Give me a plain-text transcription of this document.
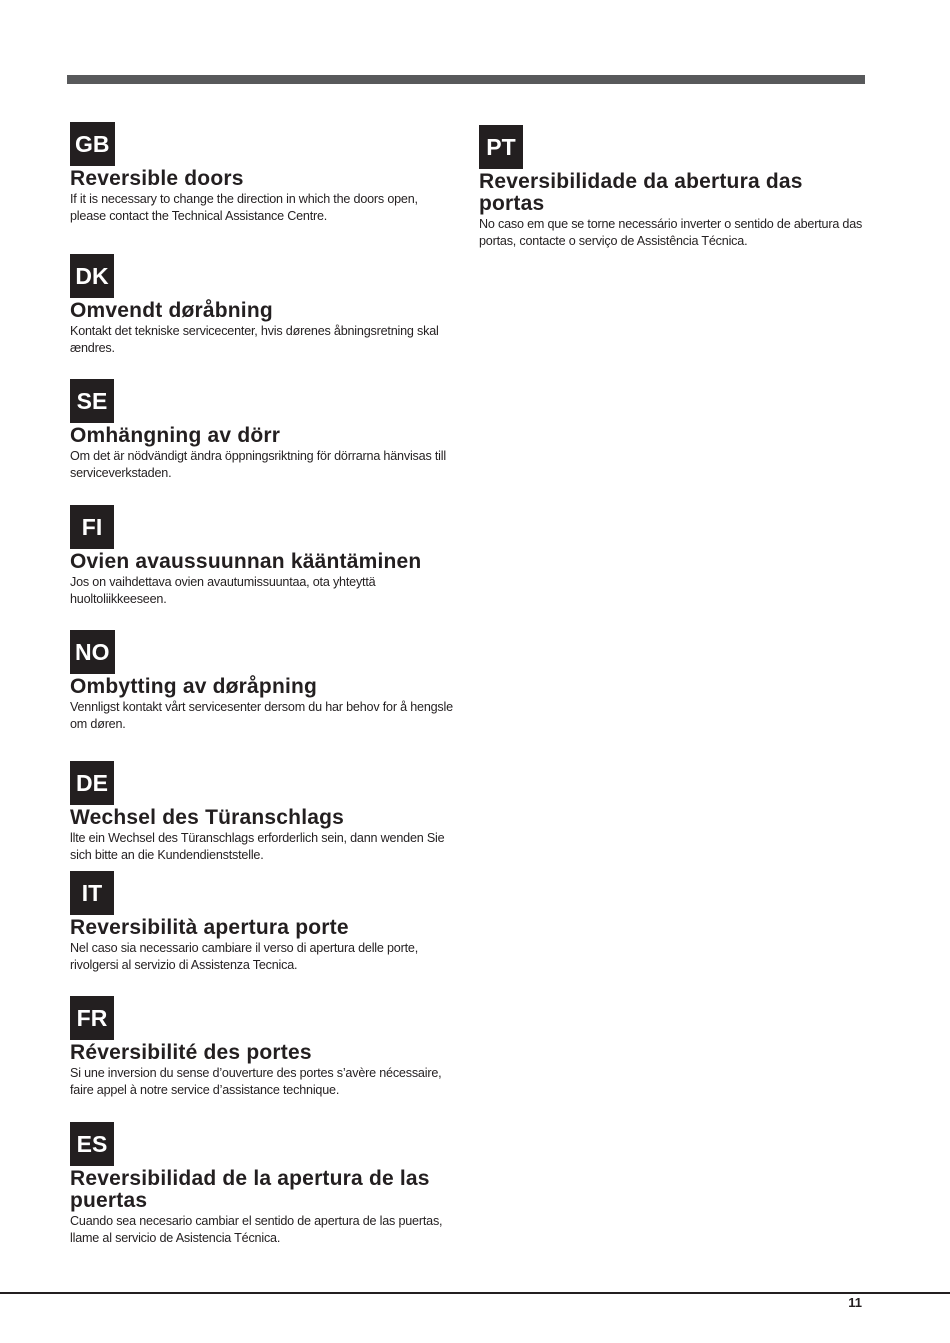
GB
Reversible doors
If it is necessary to change the direction in which the doors open, please contact the Technical Assistance Centre.
DK
Omvendt døråbning
Kontakt det tekniske servicecenter, hvis dørenes åbningsretning skal ændres.
SE
Omhängning av dörr
Om det är nödvändigt ändra öppningsriktning för dörrarna hänvisas till serviceverkstaden.
FI
Ovien avaussuunnan kääntäminen
Jos on vaihdettava ovien avautumissuuntaa, ota yhteyttä huoltoliikkeeseen.
NO
Ombytting av døråpning
Vennligst kontakt vårt servicesenter dersom du har behov for å hengsle om døren.
DE
Wechsel des Türanschlags
llte ein Wechsel des Türanschlags erforderlich sein, dann wenden Sie sich bitte an die Kundendienststelle.
IT
Reversibilità apertura porte
Nel caso sia necessario cambiare il verso di apertura delle porte, rivolgersi al servizio di Assistenza Tecnica.
FR
Réversibilité des portes
Si une inversion du sense d’ouverture des portes s’avère nécessaire, faire appel à notre service d’assistance technique.
ES
Reversibilidad de la apertura de las puertas
Cuando sea necesario cambiar el sentido de apertura de las puertas, llame al servicio de Asistencia Técnica.
PT
Reversibilidade da abertura das portas
No caso em que se torne necessário inverter o sentido de abertura das portas, contacte o serviço de Assistência Técnica.
11
